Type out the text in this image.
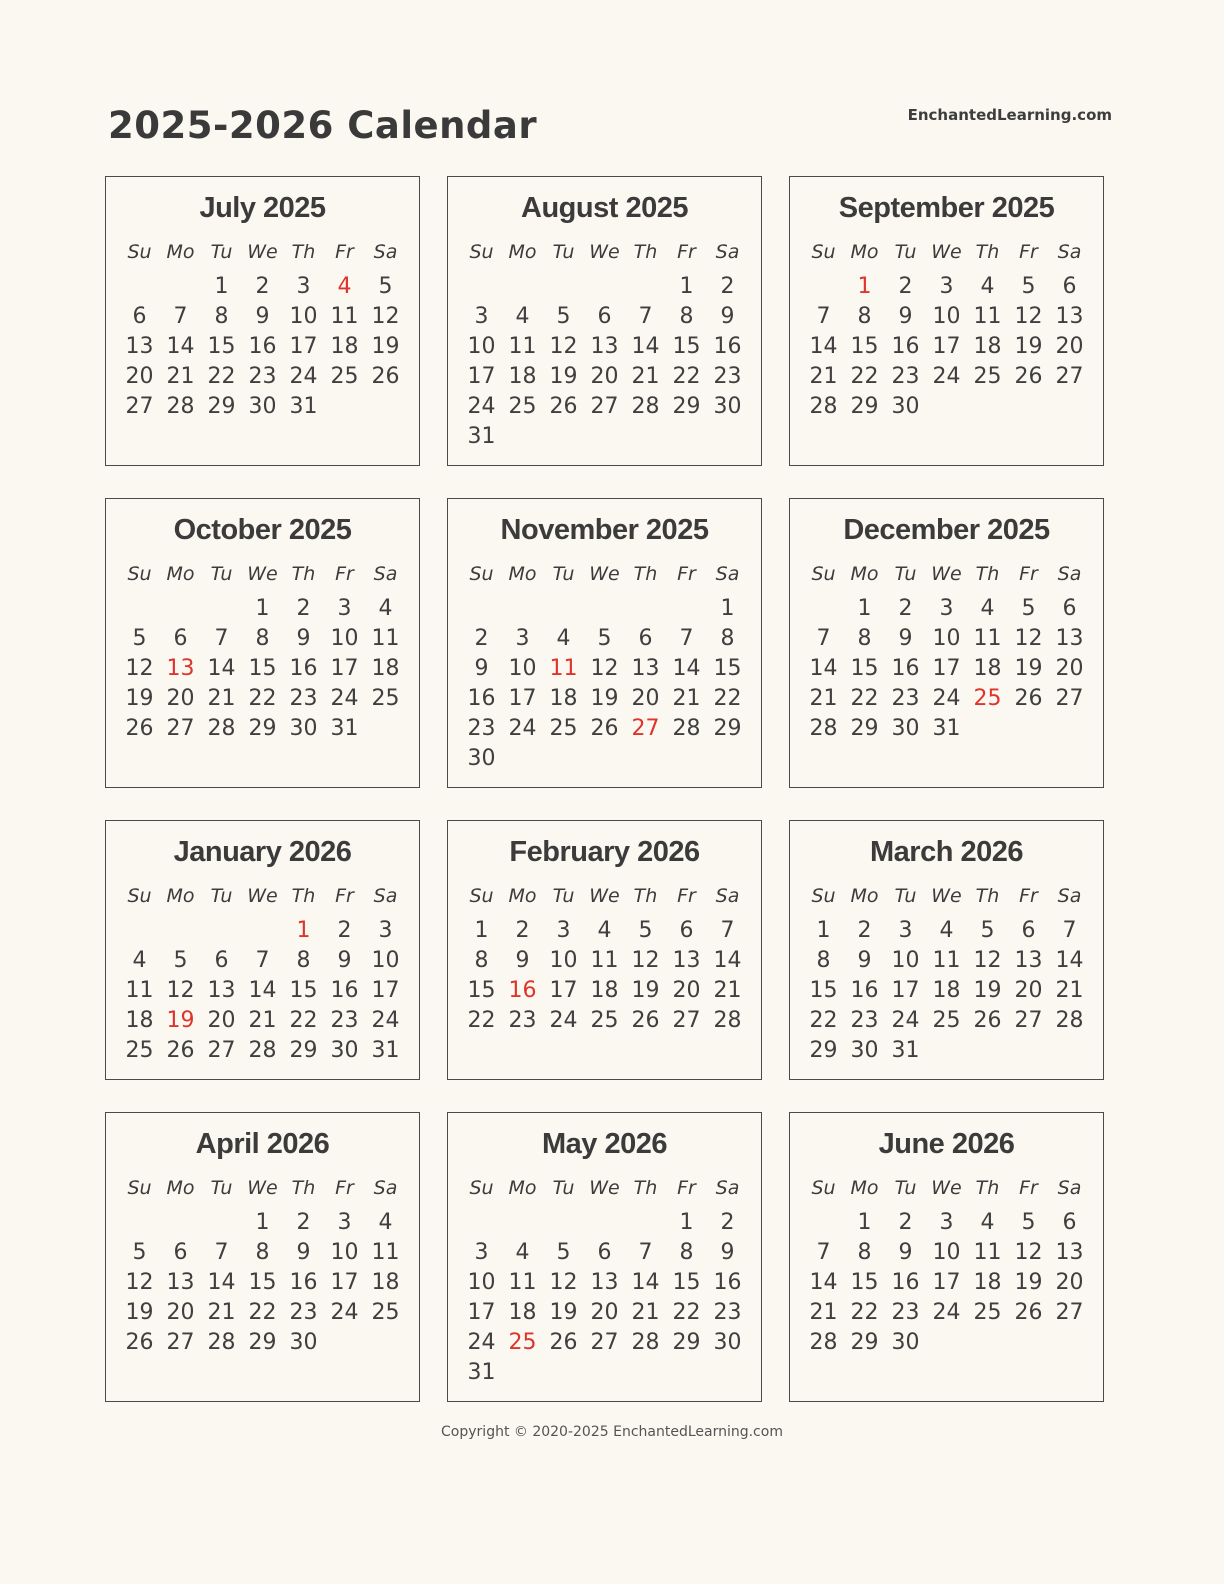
2025-2026 Calendar	EnchantedLearning.com
July 2025
Su	Mo	Tu	We	Th	Fr	Sa
		1	2	3	4	5
6	7	8	9	10	11	12
13	14	15	16	17	18	19
20	21	22	23	24	25	26
27	28	29	30	31		
August 2025
Su	Mo	Tu	We	Th	Fr	Sa
					1	2
3	4	5	6	7	8	9
10	11	12	13	14	15	16
17	18	19	20	21	22	23
24	25	26	27	28	29	30
31						
September 2025
Su	Mo	Tu	We	Th	Fr	Sa
	1	2	3	4	5	6
7	8	9	10	11	12	13
14	15	16	17	18	19	20
21	22	23	24	25	26	27
28	29	30				
October 2025
Su	Mo	Tu	We	Th	Fr	Sa
			1	2	3	4
5	6	7	8	9	10	11
12	13	14	15	16	17	18
19	20	21	22	23	24	25
26	27	28	29	30	31	
November 2025
Su	Mo	Tu	We	Th	Fr	Sa
						1
2	3	4	5	6	7	8
9	10	11	12	13	14	15
16	17	18	19	20	21	22
23	24	25	26	27	28	29
30						
December 2025
Su	Mo	Tu	We	Th	Fr	Sa
	1	2	3	4	5	6
7	8	9	10	11	12	13
14	15	16	17	18	19	20
21	22	23	24	25	26	27
28	29	30	31			
January 2026
Su	Mo	Tu	We	Th	Fr	Sa
				1	2	3
4	5	6	7	8	9	10
11	12	13	14	15	16	17
18	19	20	21	22	23	24
25	26	27	28	29	30	31
February 2026
Su	Mo	Tu	We	Th	Fr	Sa
1	2	3	4	5	6	7
8	9	10	11	12	13	14
15	16	17	18	19	20	21
22	23	24	25	26	27	28
March 2026
Su	Mo	Tu	We	Th	Fr	Sa
1	2	3	4	5	6	7
8	9	10	11	12	13	14
15	16	17	18	19	20	21
22	23	24	25	26	27	28
29	30	31				
April 2026
Su	Mo	Tu	We	Th	Fr	Sa
			1	2	3	4
5	6	7	8	9	10	11
12	13	14	15	16	17	18
19	20	21	22	23	24	25
26	27	28	29	30		
May 2026
Su	Mo	Tu	We	Th	Fr	Sa
					1	2
3	4	5	6	7	8	9
10	11	12	13	14	15	16
17	18	19	20	21	22	23
24	25	26	27	28	29	30
31						
June 2026
Su	Mo	Tu	We	Th	Fr	Sa
	1	2	3	4	5	6
7	8	9	10	11	12	13
14	15	16	17	18	19	20
21	22	23	24	25	26	27
28	29	30				
Copyright © 2020-2025 EnchantedLearning.com
